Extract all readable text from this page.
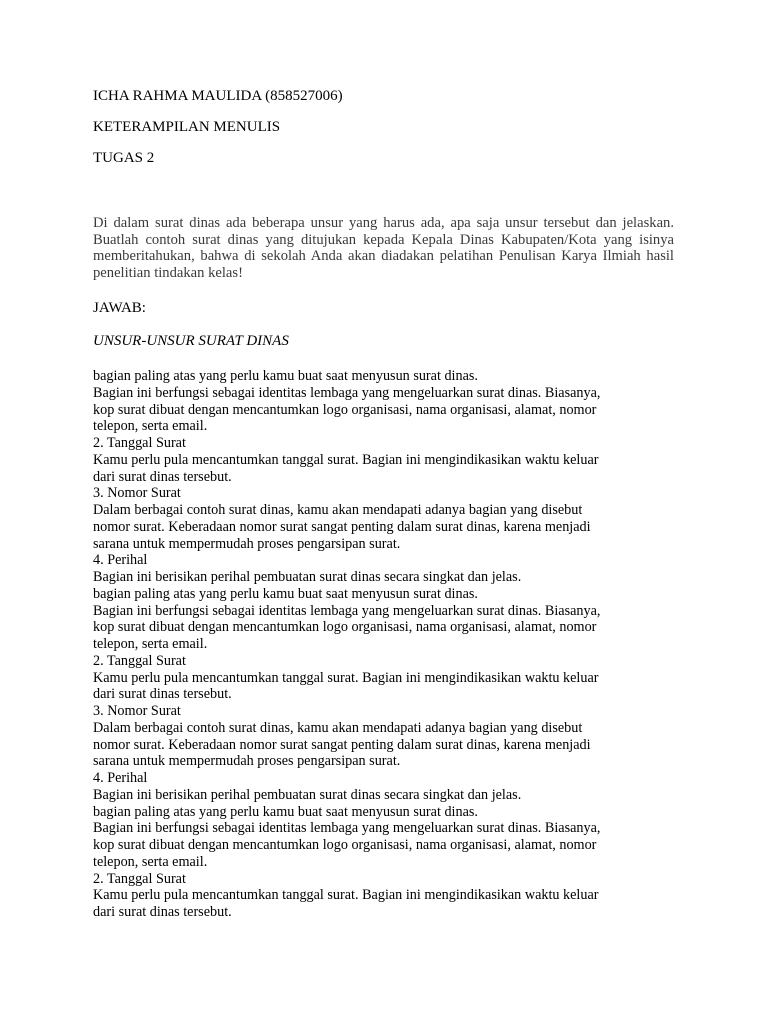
ICHA RAHMA MAULIDA (858527006)
KETERAMPILAN MENULIS
TUGAS 2
Di dalam surat dinas ada beberapa unsur yang harus ada, apa saja unsur tersebut dan jelaskan. Buatlah contoh surat dinas yang ditujukan kepada Kepala Dinas Kabupaten/Kota yang isinya memberitahukan, bahwa di sekolah Anda akan diadakan pelatihan Penulisan Karya Ilmiah hasil penelitian tindakan kelas!
JAWAB:
UNSUR-UNSUR SURAT DINAS
bagian paling atas yang perlu kamu buat saat menyusun surat dinas.
Bagian ini berfungsi sebagai identitas lembaga yang mengeluarkan surat dinas. Biasanya,
kop surat dibuat dengan mencantumkan logo organisasi, nama organisasi, alamat, nomor
telepon, serta email.
2. Tanggal Surat
Kamu perlu pula mencantumkan tanggal surat. Bagian ini mengindikasikan waktu keluar
dari surat dinas tersebut.
3. Nomor Surat
Dalam berbagai contoh surat dinas, kamu akan mendapati adanya bagian yang disebut
nomor surat. Keberadaan nomor surat sangat penting dalam surat dinas, karena menjadi
sarana untuk mempermudah proses pengarsipan surat.
4. Perihal
Bagian ini berisikan perihal pembuatan surat dinas secara singkat dan jelas.
bagian paling atas yang perlu kamu buat saat menyusun surat dinas.
Bagian ini berfungsi sebagai identitas lembaga yang mengeluarkan surat dinas. Biasanya,
kop surat dibuat dengan mencantumkan logo organisasi, nama organisasi, alamat, nomor
telepon, serta email.
2. Tanggal Surat
Kamu perlu pula mencantumkan tanggal surat. Bagian ini mengindikasikan waktu keluar
dari surat dinas tersebut.
3. Nomor Surat
Dalam berbagai contoh surat dinas, kamu akan mendapati adanya bagian yang disebut
nomor surat. Keberadaan nomor surat sangat penting dalam surat dinas, karena menjadi
sarana untuk mempermudah proses pengarsipan surat.
4. Perihal
Bagian ini berisikan perihal pembuatan surat dinas secara singkat dan jelas.
bagian paling atas yang perlu kamu buat saat menyusun surat dinas.
Bagian ini berfungsi sebagai identitas lembaga yang mengeluarkan surat dinas. Biasanya,
kop surat dibuat dengan mencantumkan logo organisasi, nama organisasi, alamat, nomor
telepon, serta email.
2. Tanggal Surat
Kamu perlu pula mencantumkan tanggal surat. Bagian ini mengindikasikan waktu keluar
dari surat dinas tersebut.
